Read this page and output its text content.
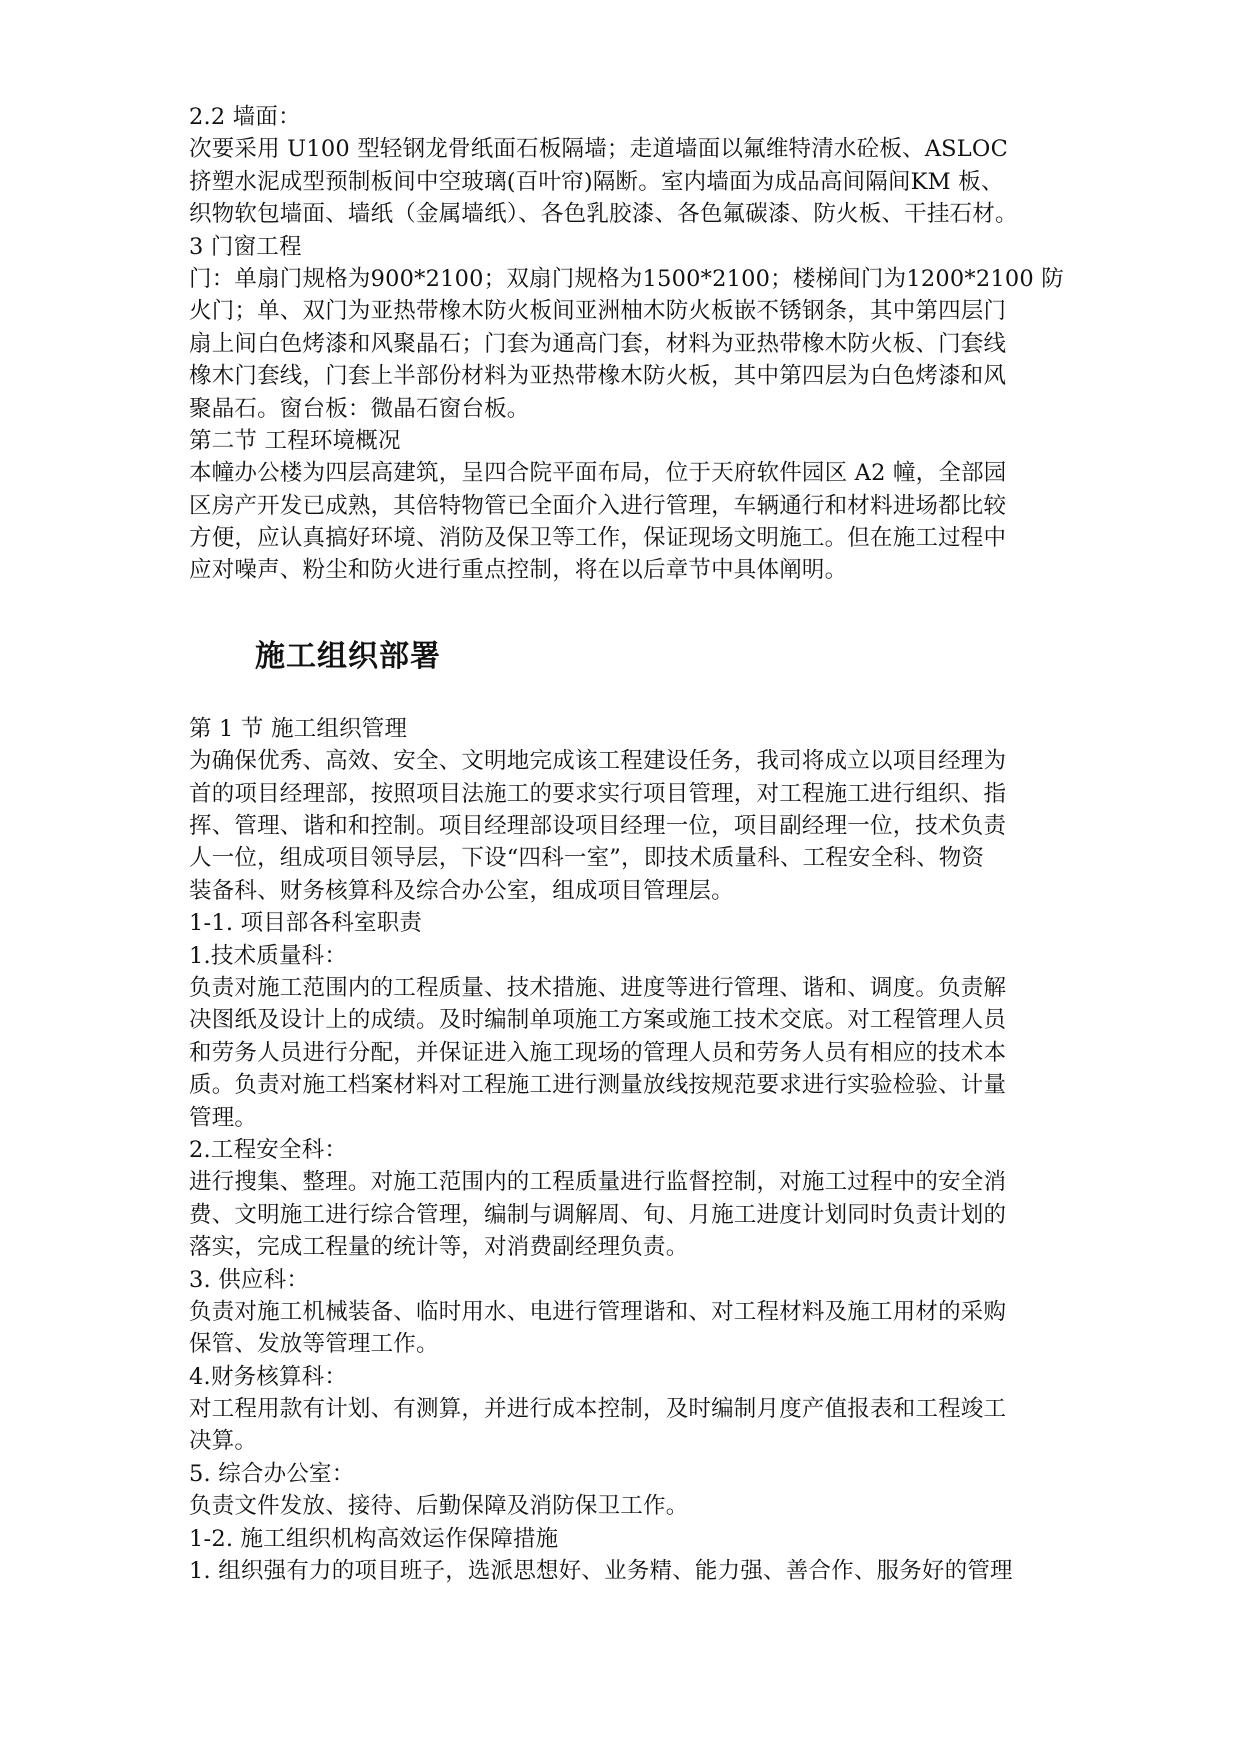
2.2 墙面：
次要采用 U100 型轻钢龙骨纸面石板隔墙；走道墙面以氟维特清水砼板、ASLOC
挤塑水泥成型预制板间中空玻璃(百叶帘)隔断。室内墙面为成品高间隔间KM 板、
织物软包墙面、墙纸（金属墙纸）、各色乳胶漆、各色氟碳漆、防火板、干挂石材。
3 门窗工程
门：单扇门规格为900*2100；双扇门规格为1500*2100；楼梯间门为1200*2100 防
火门；单、双门为亚热带橡木防火板间亚洲柚木防火板嵌不锈钢条，其中第四层门
扇上间白色烤漆和风聚晶石；门套为通高门套，材料为亚热带橡木防火板、门套线
橡木门套线，门套上半部份材料为亚热带橡木防火板，其中第四层为白色烤漆和风
聚晶石。窗台板：微晶石窗台板。
第二节 工程环境概况
本幢办公楼为四层高建筑，呈四合院平面布局，位于天府软件园区 A2 幢，全部园
区房产开发已成熟，其倍特物管已全面介入进行管理，车辆通行和材料进场都比较
方便，应认真搞好环境、消防及保卫等工作，保证现场文明施工。但在施工过程中
应对噪声、粉尘和防火进行重点控制，将在以后章节中具体阐明。
施工组织部署
第 1 节 施工组织管理
为确保优秀、高效、安全、文明地完成该工程建设任务，我司将成立以项目经理为
首的项目经理部，按照项目法施工的要求实行项目管理，对工程施工进行组织、指
挥、管理、谐和和控制。项目经理部设项目经理一位，项目副经理一位，技术负责
人一位，组成项目领导层，下设“四科一室”，即技术质量科、工程安全科、物资
装备科、财务核算科及综合办公室，组成项目管理层。
1-1. 项目部各科室职责
1.技术质量科：
负责对施工范围内的工程质量、技术措施、进度等进行管理、谐和、调度。负责解
决图纸及设计上的成绩。及时编制单项施工方案或施工技术交底。对工程管理人员
和劳务人员进行分配，并保证进入施工现场的管理人员和劳务人员有相应的技术本
质。负责对施工档案材料对工程施工进行测量放线按规范要求进行实验检验、计量
管理。
2.工程安全科：
进行搜集、整理。对施工范围内的工程质量进行监督控制，对施工过程中的安全消
费、文明施工进行综合管理，编制与调解周、旬、月施工进度计划同时负责计划的
落实，完成工程量的统计等，对消费副经理负责。
3. 供应科：
负责对施工机械装备、临时用水、电进行管理谐和、对工程材料及施工用材的采购
保管、发放等管理工作。
4.财务核算科：
对工程用款有计划、有测算，并进行成本控制，及时编制月度产值报表和工程竣工
决算。
5. 综合办公室：
负责文件发放、接待、后勤保障及消防保卫工作。
1-2. 施工组织机构高效运作保障措施
1. 组织强有力的项目班子，选派思想好、业务精、能力强、善合作、服务好的管理
